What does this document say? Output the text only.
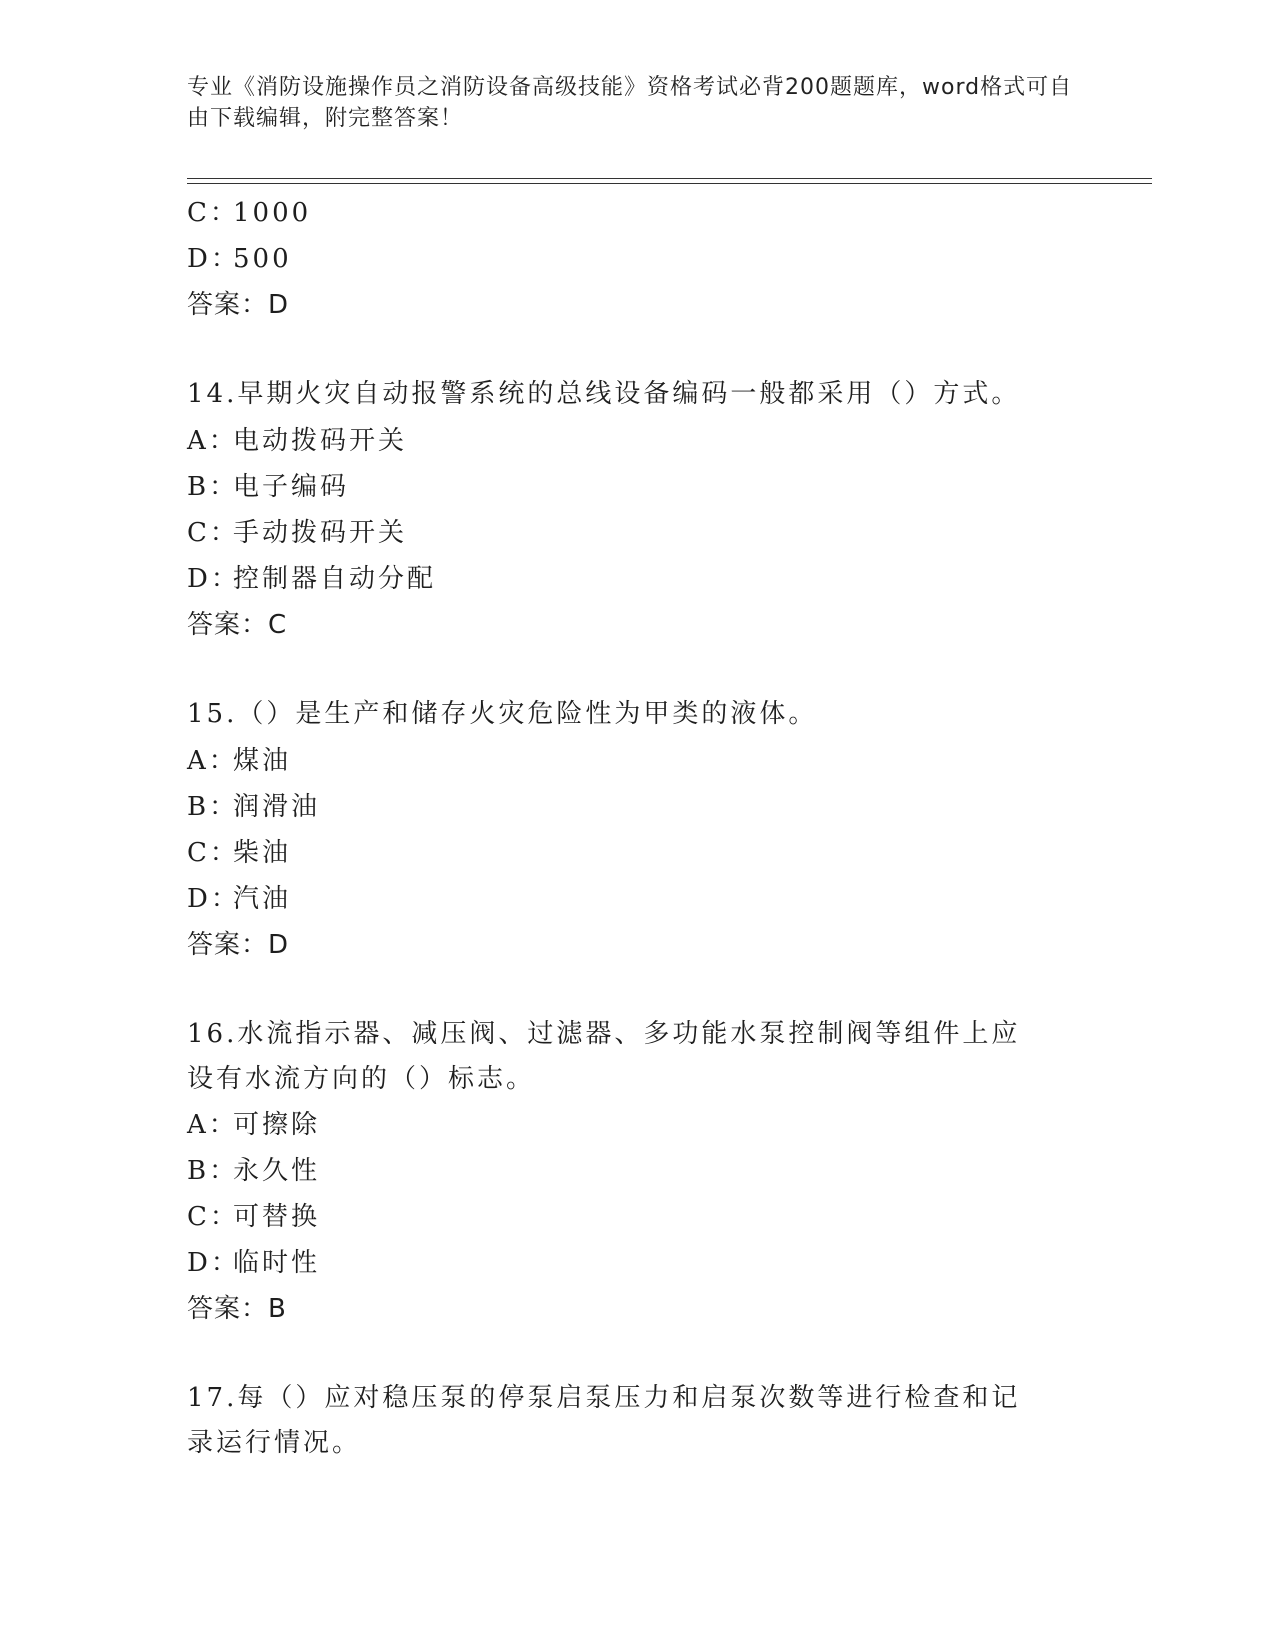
专业《消防设施操作员之消防设备高级技能》资格考试必背200题题库，word格式可自由下载编辑，附完整答案！
C：1000
D：500
答案：D
14.早期火灾自动报警系统的总线设备编码一般都采用（）方式。
A：电动拨码开关
B：电子编码
C：手动拨码开关
D：控制器自动分配
答案：C
15.（）是生产和储存火灾危险性为甲类的液体。
A：煤油
B：润滑油
C：柴油
D：汽油
答案：D
16.水流指示器、减压阀、过滤器、多功能水泵控制阀等组件上应设有水流方向的（）标志。
A：可擦除
B：永久性
C：可替换
D：临时性
答案：B
17.每（）应对稳压泵的停泵启泵压力和启泵次数等进行检查和记录运行情况。
